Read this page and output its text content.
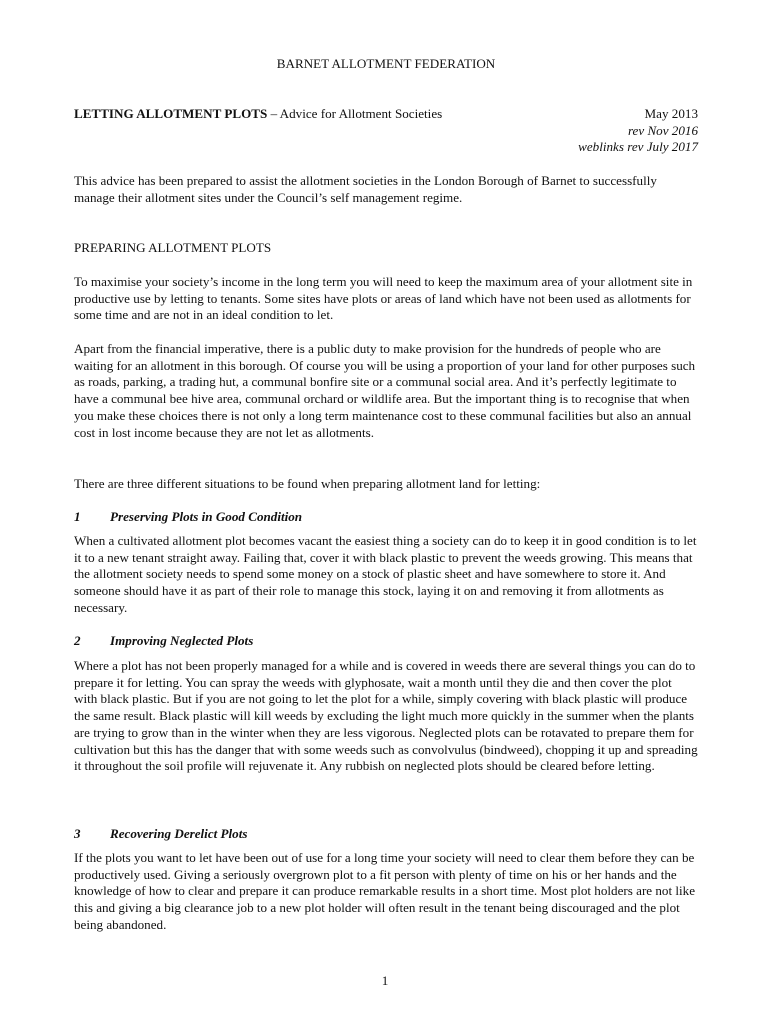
BARNET ALLOTMENT FEDERATION
LETTING ALLOTMENT PLOTS – Advice for Allotment Societies	May 2013
rev Nov 2016
weblinks rev July 2017

This advice has been prepared to assist the allotment societies in the London Borough of Barnet to successfully manage their allotment sites under the Council’s self management regime.

PREPARING ALLOTMENT PLOTS

To maximise your society’s income in the long term you will need to keep the maximum area of your allotment site in productive use by letting to tenants. Some sites have plots or areas of land which have not been used as allotments for some time and are not in an ideal condition to let.

Apart from the financial imperative, there is a public duty to make provision for the hundreds of people who are waiting for an allotment in this borough. Of course you will be using a proportion of your land for other purposes such as roads, parking, a trading hut, a communal bonfire site or a communal social area. And it’s perfectly legitimate to have a communal bee hive area, communal orchard or wildlife area. But the important thing is to recognise that when you make these choices there is not only a long term maintenance cost to these communal facilities but also an annual cost in lost income because they are not let as allotments.

There are three different situations to be found when preparing allotment land for letting:

1 Preserving Plots in Good Condition

When a cultivated allotment plot becomes vacant the easiest thing a society can do to keep it in good condition is to let it to a new tenant straight away. Failing that, cover it with black plastic to prevent the weeds growing. This means that the allotment society needs to spend some money on a stock of plastic sheet and have somewhere to store it. And someone should have it as part of their role to manage this stock, laying it on and removing it from allotments as necessary.

2 Improving Neglected Plots

Where a plot has not been properly managed for a while and is covered in weeds there are several things you can do to prepare it for letting. You can spray the weeds with glyphosate, wait a month until they die and then cover the plot with black plastic. But if you are not going to let the plot for a while, simply covering with black plastic will produce the same result. Black plastic will kill weeds by excluding the light much more quickly in the summer when the plants are trying to grow than in the winter when they are less vigorous. Neglected plots can be rotavated to prepare them for cultivation but this has the danger that with some weeds such as convolvulus (bindweed), chopping it up and spreading it throughout the soil profile will rejuvenate it. Any rubbish on neglected plots should be cleared before letting.

3 Recovering Derelict Plots

If the plots you want to let have been out of use for a long time your society will need to clear them before they can be productively used. Giving a seriously overgrown plot to a fit person with plenty of time on his or her hands and the knowledge of how to clear and prepare it can produce remarkable results in a short time. Most plot holders are not like this and giving a big clearance job to a new plot holder will often result in the tenant being discouraged and the plot being abandoned.

1
